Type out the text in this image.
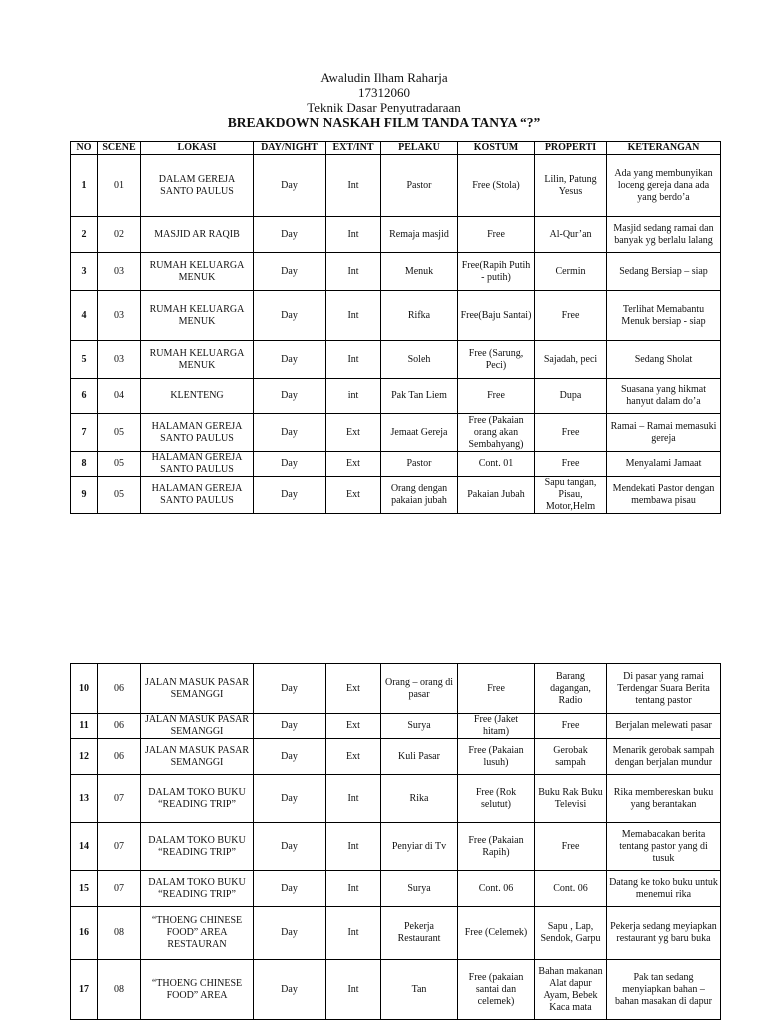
Awaludin Ilham Raharja
17312060
Teknik Dasar Penyutradaraan
BREAKDOWN NASKAH FILM TANDA TANYA “?”
NO	SCENE	LOKASI	DAY/NIGHT	EXT/INT	PELAKU	KOSTUM	PROPERTI	KETERANGAN
1	01	DALAM GEREJA SANTO PAULUS	Day	Int	Pastor	Free (Stola)	Lilin, Patung Yesus	Ada yang membunyikan loceng gereja dana ada yang berdo’a
2	02	MASJID AR RAQIB	Day	Int	Remaja masjid	Free	Al-Qur’an	Masjid sedang ramai dan banyak yg berlalu lalang
3	03	RUMAH KELUARGA MENUK	Day	Int	Menuk	Free(Rapih Putih - putih)	Cermin	Sedang Bersiap – siap
4	03	RUMAH KELUARGA MENUK	Day	Int	Rifka	Free(Baju Santai)	Free	Terlihat Memabantu Menuk bersiap - siap
5	03	RUMAH KELUARGA MENUK	Day	Int	Soleh	Free (Sarung, Peci)	Sajadah, peci	Sedang Sholat
6	04	KLENTENG	Day	int	Pak Tan Liem	Free	Dupa	Suasana yang hikmat hanyut dalam do’a
7	05	HALAMAN GEREJA SANTO PAULUS	Day	Ext	Jemaat Gereja	Free (Pakaian orang akan Sembahyang)	Free	Ramai – Ramai memasuki gereja
8	05	HALAMAN GEREJA SANTO PAULUS	Day	Ext	Pastor	Cont. 01	Free	Menyalami Jamaat
9	05	HALAMAN GEREJA SANTO PAULUS	Day	Ext	Orang dengan pakaian jubah	Pakaian Jubah	Sapu tangan, Pisau, Motor,Helm	Mendekati Pastor dengan membawa pisau
10	06	JALAN MASUK PASAR SEMANGGI	Day	Ext	Orang – orang di pasar	Free	Barang dagangan, Radio	Di pasar yang ramai Terdengar Suara Berita tentang pastor
11	06	JALAN MASUK PASAR SEMANGGI	Day	Ext	Surya	Free (Jaket hitam)	Free	Berjalan melewati pasar
12	06	JALAN MASUK PASAR SEMANGGI	Day	Ext	Kuli Pasar	Free (Pakaian lusuh)	Gerobak sampah	Menarik gerobak sampah dengan berjalan mundur
13	07	DALAM TOKO BUKU “READING TRIP”	Day	Int	Rika	Free (Rok selutut)	Buku Rak Buku Televisi	Rika membereskan buku yang berantakan
14	07	DALAM TOKO BUKU “READING TRIP”	Day	Int	Penyiar di Tv	Free (Pakaian Rapih)	Free	Memabacakan berita tentang pastor yang di tusuk
15	07	DALAM TOKO BUKU “READING TRIP”	Day	Int	Surya	Cont. 06	Cont. 06	Datang ke toko buku untuk menemui rika
16	08	“THOENG CHINESE FOOD” AREA RESTAURAN	Day	Int	Pekerja Restaurant	Free (Celemek)	Sapu , Lap, Sendok, Garpu	Pekerja sedang meyiapkan restaurant yg baru buka
17	08	“THOENG CHINESE FOOD” AREA	Day	Int	Tan	Free (pakaian santai dan celemek)	Bahan makanan Alat dapur Ayam, Bebek Kaca mata	Pak tan sedang menyiapkan bahan – bahan masakan di dapur
